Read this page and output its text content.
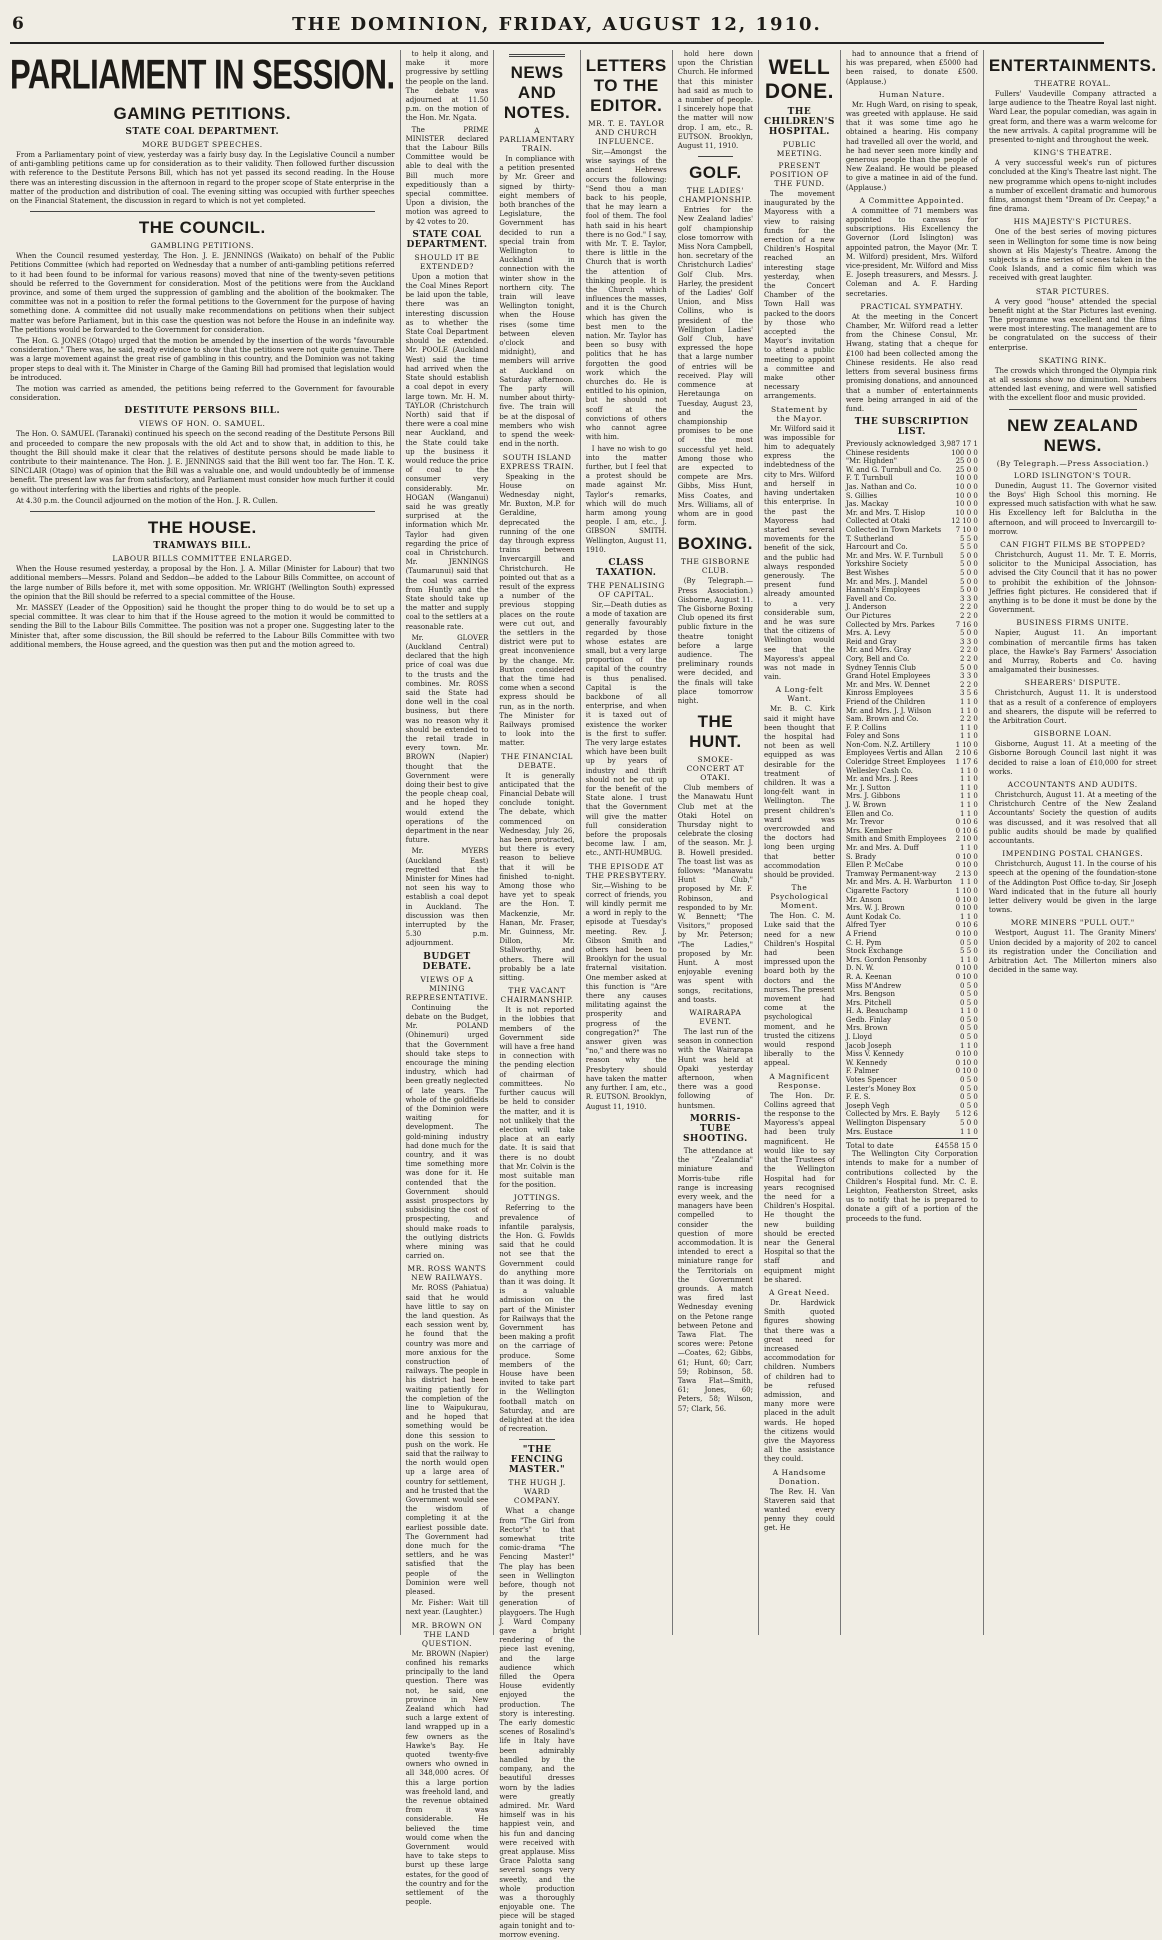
6	THE DOMINION, FRIDAY, AUGUST 12, 1910.
PARLIAMENT IN SESSION.
GAMING PETITIONS.
STATE COAL DEPARTMENT.
MORE BUDGET SPEECHES.

From a Parliamentary point of view, yesterday was a fairly busy day. In the Legislative Council a number of anti-gambling petitions came up for consideration as to their validity. Then followed further discussion with reference to the Destitute Persons Bill, which has not yet passed its second reading. In the House there was an interesting discussion in the afternoon in regard to the proper scope of State enterprise in the matter of the production and distribution of coal. The evening sitting was occupied with further speeches on the Financial Statement, the discussion in regard to which is not yet completed.

THE COUNCIL.
GAMBLING PETITIONS.

When the Council resumed yesterday, The Hon. J. E. JENNINGS (Waikato) on behalf of the Public Petitions Committee (which had reported on Wednesday that a number of anti-gambling petitions referred to it had been found to be informal for various reasons) moved that nine of the twenty-seven petitions should be referred to the Government for consideration. Most of the petitions were from the Auckland province, and some of them urged the suppression of gambling and the abolition of the bookmaker. The committee was not in a position to refer the formal petitions to the Government for the purpose of having something done. A committee did not usually make recommendations on petitions when their subject matter was before Parliament, but in this case the question was not before the House in an indefinite way. The petitions would be forwarded to the Government for consideration.

The Hon. G. JONES (Otago) urged that the motion be amended by the insertion of the words "favourable consideration." There was, he said, ready evidence to show that the petitions were not quite genuine. There was a large movement against the great rise of gambling in this country, and the Dominion was not taking proper steps to deal with it. The Minister in Charge of the Gaming Bill had promised that legislation would be introduced.

The motion was carried as amended, the petitions being referred to the Government for favourable consideration.

DESTITUTE PERSONS BILL.
VIEWS OF HON. O. SAMUEL.

The Hon. O. SAMUEL (Taranaki) continued his speech on the second reading of the Destitute Persons Bill and proceeded to compare the new proposals with the old Act and to show that, in addition to this, he thought the Bill should make it clear that the relatives of destitute persons should be made liable to contribute to their maintenance. The Hon. J. E. JENNINGS said that the Bill went too far. The Hon. T. K. SINCLAIR (Otago) was of opinion that the Bill was a valuable one, and would undoubtedly be of immense benefit. The present law was far from satisfactory, and Parliament must consider how much further it could go without interfering with the liberties and rights of the people.

At 4.30 p.m. the Council adjourned on the motion of the Hon. J. R. Cullen.

THE HOUSE.
TRAMWAYS BILL.
LABOUR BILLS COMMITTEE ENLARGED.

When the House resumed yesterday, a proposal by the Hon. J. A. Millar (Minister for Labour) that two additional members—Messrs. Poland and Seddon—be added to the Labour Bills Committee, on account of the large number of Bills before it, met with some opposition. Mr. WRIGHT (Wellington South) expressed the opinion that the Bill should be referred to a special committee of the House.

Mr. MASSEY (Leader of the Opposition) said he thought the proper thing to do would be to set up a special committee. It was clear to him that if the House agreed to the motion it would be committed to sending the Bill to the Labour Bills Committee. The position was not a proper one. Suggesting later to the Minister that, after some discussion, the Bill should be referred to the Labour Bills Committee with two additional members, the House agreed, and the question was then put and the motion agreed to.

to help it along, and make it more progressive by settling the people on the land. The debate was adjourned at 11.50 p.m. on the motion of the Hon. Mr. Ngata.

The PRIME MINISTER declared that the Labour Bills Committee would be able to deal with the Bill much more expeditiously than a special committee. Upon a division, the motion was agreed to by 42 votes to 20.

STATE COAL DEPARTMENT.
SHOULD IT BE EXTENDED?

Upon a motion that the Coal Mines Report be laid upon the table, there was an interesting discussion as to whether the State Coal Department should be extended. Mr. POOLE (Auckland West) said the time had arrived when the State should establish a coal depot in every large town. Mr. H. M. TAYLOR (Christchurch North) said that if there were a coal mine near Auckland, and the State could take up the business it would reduce the price of coal to the consumer very considerably. Mr. HOGAN (Wanganui) said he was greatly surprised at the information which Mr. Taylor had given regarding the price of coal in Christchurch. Mr. JENNINGS (Taumarunui) said that the coal was carried from Huntly and the State should take up the matter and supply coal to the settlers at a reasonable rate.

Mr. GLOVER (Auckland Central) declared that the high price of coal was due to the trusts and the combines. Mr. ROSS said the State had done well in the coal business, but there was no reason why it should be extended to the retail trade in every town. Mr. BROWN (Napier) thought that the Government were doing their best to give the people cheap coal, and he hoped they would extend the operations of the department in the near future.

Mr. MYERS (Auckland East) regretted that the Minister for Mines had not seen his way to establish a coal depot in Auckland. The discussion was then interrupted by the 5.30 p.m. adjournment.

BUDGET DEBATE.
VIEWS OF A MINING REPRESENTATIVE.

Continuing the debate on the Budget, Mr. POLAND (Ohinemuri) urged that the Government should take steps to encourage the mining industry, which had been greatly neglected of late years. The whole of the goldfields of the Dominion were waiting for development. The gold-mining industry had done much for the country, and it was time something more was done for it. He contended that the Government should assist prospectors by subsidising the cost of prospecting, and should make roads to the outlying districts where mining was carried on.

MR. ROSS WANTS NEW RAILWAYS.

Mr. ROSS (Pahiatua) said that he would have little to say on the land question. As each session went by, he found that the country was more and more anxious for the construction of railways. The people in his district had been waiting patiently for the completion of the line to Waipukurau, and he hoped that something would be done this session to push on the work. He said that the railway to the north would open up a large area of country for settlement, and he trusted that the Government would see the wisdom of completing it at the earliest possible date. The Government had done much for the settlers, and he was satisfied that the people of the Dominion were well pleased.

Mr. Fisher: Wait till next year. (Laughter.)

MR. BROWN ON THE LAND QUESTION.

Mr. BROWN (Napier) confined his remarks principally to the land question. There was not, he said, one province in New Zealand which had such a large extent of land wrapped up in a few owners as the Hawke's Bay. He quoted twenty-five owners who owned in all 348,000 acres. Of this a large portion was freehold land, and the revenue obtained from it was considerable. He believed the time would come when the Government would have to take steps to burst up these large estates, for the good of the country and for the settlement of the people.

NEWS AND NOTES.
A PARLIAMENTARY TRAIN.

In compliance with a petition presented by Mr. Greer and signed by thirty-eight members of both branches of the Legislature, the Government has decided to run a special train from Wellington to Auckland in connection with the winter show in the northern city. The train will leave Wellington tonight, when the House rises (some time between eleven o'clock and midnight), and members will arrive at Auckland on Saturday afternoon. The party will number about thirty-five. The train will be at the disposal of members who wish to spend the week-end in the north.

SOUTH ISLAND EXPRESS TRAIN.

Speaking in the House on Wednesday night, Mr. Buxton, M.P. for Geraldine, deprecated the running of the one day through express trains between Invercargill and Christchurch. He pointed out that as a result of the express a number of the previous stopping places on the route were cut out, and the settlers in the district were put to great inconvenience by the change. Mr. Buxton considered that the time had come when a second express should be run, as in the north. The Minister for Railways promised to look into the matter.

THE FINANCIAL DEBATE.

It is generally anticipated that the Financial Debate will conclude tonight. The debate, which commenced on Wednesday, July 26, has been protracted, but there is every reason to believe that it will be finished to-night. Among those who have yet to speak are the Hon. T. Mackenzie, Mr. Hanan, Mr. Fraser, Mr. Guinness, Mr. Dillon, Mr. Stallworthy, and others. There will probably be a late sitting.

THE VACANT CHAIRMANSHIP.

It is not reported in the lobbies that members of the Government side will have a free hand in connection with the pending election of chairman of committees. No further caucus will be held to consider the matter, and it is not unlikely that the election will take place at an early date. It is said that there is no doubt that Mr. Colvin is the most suitable man for the position.

JOTTINGS.

Referring to the prevalence of infantile paralysis, the Hon. G. Fowlds said that he could not see that the Government could do anything more than it was doing. It is a valuable admission on the part of the Minister for Railways that the Government has been making a profit on the carriage of produce. Some members of the House have been invited to take part in the Wellington football match on Saturday, and are delighted at the idea of recreation.

"THE FENCING MASTER."
THE HUGH J. WARD COMPANY.

What a change from "The Girl from Rector's" to that somewhat trite comic-drama "The Fencing Master!" The play has been seen in Wellington before, though not by the present generation of playgoers. The Hugh J. Ward Company gave a bright rendering of the piece last evening, and the large audience which filled the Opera House evidently enjoyed the production. The story is interesting. The early domestic scenes of Rosalind's life in Italy have been admirably handled by the company, and the beautiful dresses worn by the ladies were greatly admired. Mr. Ward himself was in his happiest vein, and his fun and dancing were received with great applause. Miss Grace Palotta sang several songs very sweetly, and the whole production was a thoroughly enjoyable one. The piece will be staged again tonight and to-morrow evening.

LETTERS TO THE EDITOR.
MR. T. E. TAYLOR AND CHURCH INFLUENCE.

Sir,—Amongst the wise sayings of the ancient Hebrews occurs the following: "Send thou a man back to his people, that he may learn a fool of them. The fool hath said in his heart there is no God." I say, with Mr. T. E. Taylor, there is little in the Church that is worth the attention of thinking people. It is the Church which influences the masses, and it is the Church which has given the best men to the nation. Mr. Taylor has been so busy with politics that he has forgotten the good work which the churches do. He is entitled to his opinion, but he should not scoff at the convictions of others who cannot agree with him.

I have no wish to go into the matter further, but I feel that a protest should be made against Mr. Taylor's remarks, which will do much harm among young people. I am, etc., J. GIBSON SMITH. Wellington, August 11, 1910.

CLASS TAXATION.
THE PENALISING OF CAPITAL.

Sir,—Death duties as a mode of taxation are generally favourably regarded by those whose estates are small, but a very large proportion of the capital of the country is thus penalised. Capital is the backbone of all enterprise, and when it is taxed out of existence the worker is the first to suffer. The very large estates which have been built up by years of industry and thrift should not be cut up for the benefit of the State alone. I trust that the Government will give the matter full consideration before the proposals become law. I am, etc., ANTI-HUMBUG.

THE EPISODE AT THE PRESBYTERY.

Sir,—Wishing to be correct of friends, you will kindly permit me a word in reply to the episode at Tuesday's meeting. Rev. J. Gibson Smith and others had been to Brooklyn for the usual fraternal visitation. One member asked at this function is "Are there any causes militating against the prosperity and progress of the congregation?" The answer given was "no," and there was no reason why the Presbytery should have taken the matter any further. I am, etc., R. EUTSON. Brooklyn, August 11, 1910.

hold here down upon the Christian Church. He informed that this minister had said as much to a number of people. I sincerely hope that the matter will now drop. I am, etc., R. EUTSON. Brooklyn, August 11, 1910.

GOLF.
THE LADIES' CHAMPIONSHIP.

Entries for the New Zealand ladies' golf championship close tomorrow with Miss Nora Campbell, hon. secretary of the Christchurch Ladies' Golf Club. Mrs. Harley, the president of the Ladies' Golf Union, and Miss Collins, who is president of the Wellington Ladies' Golf Club, have expressed the hope that a large number of entries will be received. Play will commence at Heretaunga on Tuesday, August 23, and the championship promises to be one of the most successful yet held. Among those who are expected to compete are Mrs. Gibbs, Miss Hunt, Miss Coates, and Mrs. Williams, all of whom are in good form.

BOXING.
THE GISBORNE CLUB.

(By Telegraph.—Press Association.) Gisborne, August 11. The Gisborne Boxing Club opened its first public fixture in the theatre tonight before a large audience. The preliminary rounds were decided, and the finals will take place tomorrow night.

THE HUNT.
SMOKE-CONCERT AT OTAKI.

Club members of the Manawatu Hunt Club met at the Otaki Hotel on Thursday night to celebrate the closing of the season. Mr. J. B. Howell presided. The toast list was as follows: "Manawatu Hunt Club," proposed by Mr. F. Robinson, and responded to by Mr. W. Bennett; "The Visitors," proposed by Mr. Peterson; "The Ladies," proposed by Mr. Hunt. A most enjoyable evening was spent with songs, recitations, and toasts.

WAIRARAPA EVENT.

The last run of the season in connection with the Wairarapa Hunt was held at Opaki yesterday afternoon, when there was a good following of huntsmen.

MORRIS-TUBE SHOOTING.

The attendance at the "Zealandia" miniature and Morris-tube rifle range is increasing every week, and the managers have been compelled to consider the question of more accommodation. It is intended to erect a miniature range for the Territorials on the Government grounds. A match was fired last Wednesday evening on the Petone range between Petone and Tawa Flat. The scores were: Petone—Coates, 62; Gibbs, 61; Hunt, 60; Carr, 59; Robinson, 58. Tawa Flat—Smith, 61; Jones, 60; Peters, 58; Wilson, 57; Clark, 56.

WELL DONE.
THE CHILDREN'S HOSPITAL.
PUBLIC MEETING.
PRESENT POSITION OF THE FUND.

The movement inaugurated by the Mayoress with a view to raising funds for the erection of a new Children's Hospital reached an interesting stage yesterday, when the Concert Chamber of the Town Hall was packed to the doors by those who accepted the Mayor's invitation to attend a public meeting to appoint a committee and make other necessary arrangements.

Statement by the Mayor.

Mr. Wilford said it was impossible for him to adequately express the indebtedness of the city to Mrs. Wilford and herself in having undertaken this enterprise. In the past the Mayoress had started several movements for the benefit of the sick, and the public had always responded generously. The present fund already amounted to a very considerable sum, and he was sure that the citizens of Wellington would see that the Mayoress's appeal was not made in vain.

A Long-felt Want.

Mr. B. C. Kirk said it might have been thought that the hospital had not been as well equipped as was desirable for the treatment of children. It was a long-felt want in Wellington. The present children's ward was overcrowded and the doctors had long been urging that better accommodation should be provided.

The Psychological Moment.

The Hon. C. M. Luke said that the need for a new Children's Hospital had been impressed upon the board both by the doctors and the nurses. The present movement had come at the psychological moment, and he trusted the citizens would respond liberally to the appeal.

A Magnificent Response.

The Hon. Dr. Collins agreed that the response to the Mayoress's appeal had been truly magnificent. He would like to say that the Trustees of the Wellington Hospital had for years recognised the need for a Children's Hospital. He thought the new building should be erected near the General Hospital so that the staff and equipment might be shared.

A Great Need.

Dr. Hardwick Smith quoted figures showing that there was a great need for increased accommodation for children. Numbers of children had to be refused admission, and many more were placed in the adult wards. He hoped the citizens would give the Mayoress all the assistance they could.

A Handsome Donation.

The Rev. H. Van Staveren said that wanted every penny they could get. He

had to announce that a friend of his was prepared, when £5000 had been raised, to donate £500. (Applause.)

Human Nature.

Mr. Hugh Ward, on rising to speak, was greeted with applause. He said that it was some time ago he obtained a hearing. His company had travelled all over the world, and he had never seen more kindly and generous people than the people of New Zealand. He would be pleased to give a matinee in aid of the fund. (Applause.)

A Committee Appointed.

A committee of 71 members was appointed to canvass for subscriptions. His Excellency the Governor (Lord Islington) was appointed patron, the Mayor (Mr. T. M. Wilford) president, Mrs. Wilford vice-president, Mr. Wilford and Miss E. Joseph treasurers, and Messrs. J. Coleman and A. F. Harding secretaries.

PRACTICAL SYMPATHY.

At the meeting in the Concert Chamber, Mr. Wilford read a letter from the Chinese Consul, Mr. Hwang, stating that a cheque for £100 had been collected among the Chinese residents. He also read letters from several business firms promising donations, and announced that a number of entertainments were being arranged in aid of the fund.

THE SUBSCRIPTION LIST.
Previously acknowledged 3,987 17 1
Chinese residents	100 0 0
"Mr. Highden"	25 0 0
W. and G. Turnbull and Co.	25 0 0
F. T. Turnbull	10 0 0
Jas. Nathan and Co.	10 0 0
S. Gillies	10 0 0
Jas. Mackay	10 0 0
Mr. and Mrs. T. Hislop	10 0 0
Collected at Otaki	12 10 0
Collected in Town Markets	7 10 0
T. Sutherland	5 5 0
Harcourt and Co.	5 5 0
Mr. and Mrs. W. F. Turnbull	5 0 0
Yorkshire Society	5 0 0
Best Wishes	5 0 0
Mr. and Mrs. J. Mandel	5 0 0
Hannah's Employees	5 0 0
Favell and Co.	3 3 0
J. Anderson	2 2 0
Our Pictures	2 2 0
Collected by Mrs. Parkes	7 16 0
Mrs. A. Levy	5 0 0
Reid and Gray	3 3 0
Mr. and Mrs. Gray	2 2 0
Cory, Bell and Co.	2 2 0
Sydney Tennis Club	5 0 0
Grand Hotel Employees	3 3 0
Mr. and Mrs. W. Dennet	2 2 0
Kinross Employees	3 5 6
Friend of the Children	1 1 0
Mr. and Mrs. J. J. Wilson	1 1 0
Sam. Brown and Co.	2 2 0
F. P. Collins	1 1 0
Foley and Sons	1 1 0
Non-Com. N.Z. Artillery	1 10 0
Employees Vertis and Allan	2 10 6
Coleridge Street Employees	1 17 6
Wellesley Cash Co.	1 1 0
Mr. and Mrs. J. Rees	1 1 0
Mr. J. Sutton	1 1 0
Mrs. J. Gibbons	1 1 0
J. W. Brown	1 1 0
Ellen and Co.	1 1 0
Mr. Trevor	0 10 6
Mrs. Kember	0 10 6
Smith and Smith Employees	2 10 0
Mr. and Mrs. A. Duff	1 1 0
S. Brady	0 10 0
Ellen P. McCabe	0 10 0
Tramway Permanent-way	2 13 0
Mr. and Mrs. A. H. Warburton	1 1 0
Cigarette Factory	1 10 0
Mr. Anson	0 10 0
Mrs. W. J. Brown	0 10 0
Aunt Kodak Co.	1 1 0
Alfred Tyer	0 10 6
A Friend	0 10 0
C. H. Pym	0 5 0
Stock Exchange	5 5 0
Mrs. Gordon Pensonby	1 1 0
D. N. W.	0 10 0
R. A. Keenan	0 10 0
Miss M'Andrew	0 5 0
Mrs. Bengson	0 5 0
Mrs. Pitchell	0 5 0
H. A. Beauchamp	1 1 0
Gedb. Finlay	0 5 0
Mrs. Brown	0 5 0
J. Lloyd	0 5 0
Jacob Joseph	1 1 0
Miss V. Kennedy	0 10 0
W. Kennedy	0 10 0
F. Palmer	0 10 0
Votes Spencer	0 5 0
Lester's Money Box	0 5 0
F. E. S.	0 5 0
Joseph Vegh	0 5 0
Collected by Mrs. E. Bayly	5 12 6
Wellington Dispensary	5 0 0
Mrs. Eustace	1 1 0
Total to date	£4558 15 0

The Wellington City Corporation intends to make for a number of contributions collected by the Children's Hospital fund. Mr. C. E. Leighton, Featherston Street, asks us to notify that he is prepared to donate a gift of a portion of the proceeds to the fund.

ENTERTAINMENTS.
THEATRE ROYAL.

Fullers' Vaudeville Company attracted a large audience to the Theatre Royal last night. Ward Lear, the popular comedian, was again in great form, and there was a warm welcome for the new arrivals. A capital programme will be presented to-night and throughout the week.

KING'S THEATRE.

A very successful week's run of pictures concluded at the King's Theatre last night. The new programme which opens to-night includes a number of excellent dramatic and humorous films, amongst them "Dream of Dr. Ceepay," a fine drama.

HIS MAJESTY'S PICTURES.

One of the best series of moving pictures seen in Wellington for some time is now being shown at His Majesty's Theatre. Among the subjects is a fine series of scenes taken in the Cook Islands, and a comic film which was received with great laughter.

STAR PICTURES.

A very good "house" attended the special benefit night at the Star Pictures last evening. The programme was excellent and the films were most interesting. The management are to be congratulated on the success of their enterprise.

SKATING RINK.

The crowds which thronged the Olympia rink at all sessions show no diminution. Numbers attended last evening, and were well satisfied with the excellent floor and music provided.

NEW ZEALAND NEWS.
(By Telegraph.—Press Association.)
LORD ISLINGTON'S TOUR.

Dunedin, August 11. The Governor visited the Boys' High School this morning. He expressed much satisfaction with what he saw. His Excellency left for Balclutha in the afternoon, and will proceed to Invercargill to-morrow.

CAN FIGHT FILMS BE STOPPED?

Christchurch, August 11. Mr. T. E. Morris, solicitor to the Municipal Association, has advised the City Council that it has no power to prohibit the exhibition of the Johnson-Jeffries fight pictures. He considered that if anything is to be done it must be done by the Government.

BUSINESS FIRMS UNITE.

Napier, August 11. An important combination of mercantile firms has taken place, the Hawke's Bay Farmers' Association and Murray, Roberts and Co. having amalgamated their businesses.

SHEARERS' DISPUTE.

Christchurch, August 11. It is understood that as a result of a conference of employers and shearers, the dispute will be referred to the Arbitration Court.

GISBORNE LOAN.

Gisborne, August 11. At a meeting of the Gisborne Borough Council last night it was decided to raise a loan of £10,000 for street works.

ACCOUNTANTS AND AUDITS.

Christchurch, August 11. At a meeting of the Christchurch Centre of the New Zealand Accountants' Society the question of audits was discussed, and it was resolved that all public audits should be made by qualified accountants.

IMPENDING POSTAL CHANGES.

Christchurch, August 11. In the course of his speech at the opening of the foundation-stone of the Addington Post Office to-day, Sir Joseph Ward indicated that in the future all hourly letter delivery would be given in the large towns.

MORE MINERS "PULL OUT."

Westport, August 11. The Granity Miners' Union decided by a majority of 202 to cancel its registration under the Conciliation and Arbitration Act. The Millerton miners also decided in the same way.
